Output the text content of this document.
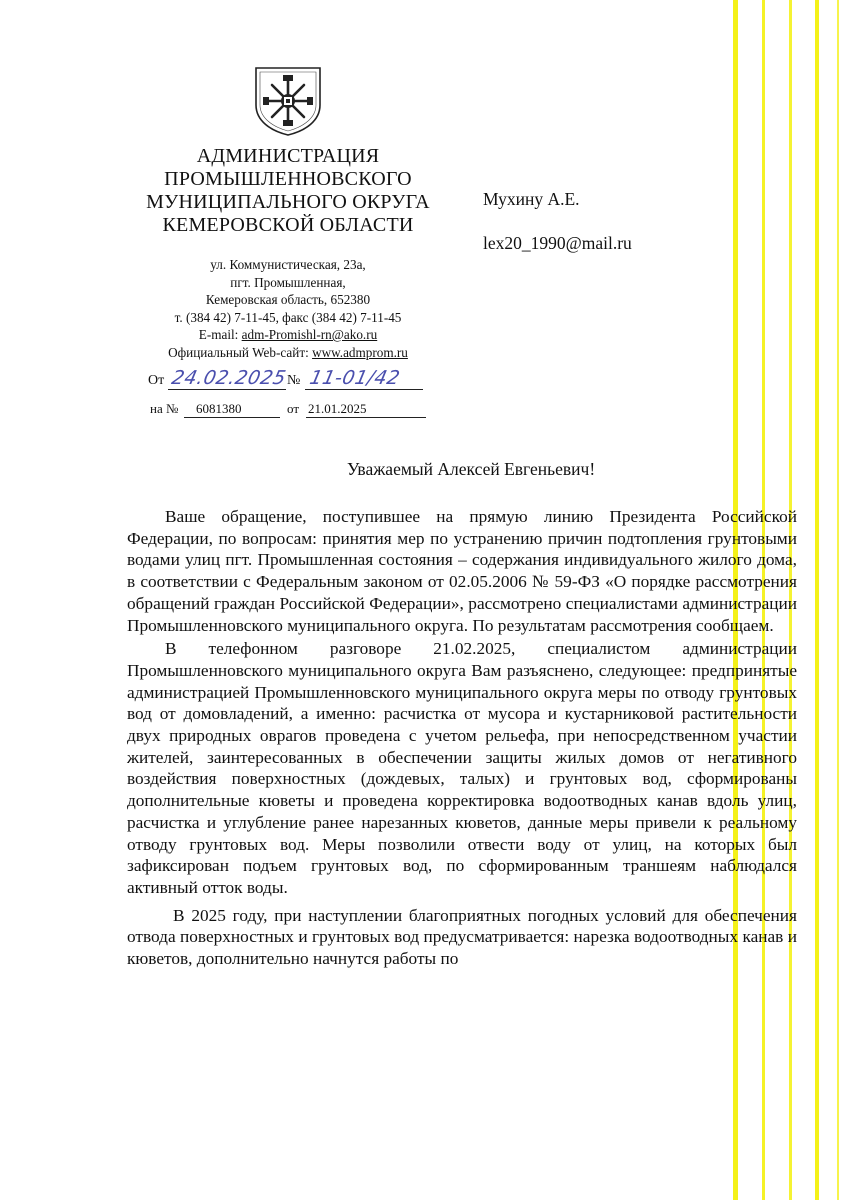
АДМИНИСТРАЦИЯ
ПРОМЫШЛЕННОВСКОГО
МУНИЦИПАЛЬНОГО ОКРУГА
КЕМЕРОВСКОЙ ОБЛАСТИ
ул. Коммунистическая, 23а,
пгт. Промышленная,
Кемеровская область, 652380
т. (384 42) 7-11-45, факс (384 42) 7-11-45
E-mail: adm-Promishl-rn@ako.ru
Официальный Web-сайт: www.admprom.ru
От 24.02.2025
№ 11-01/42
на № 6081380	от 21.01.2025
Мухину А.Е.
lex20_1990@mail.ru
Уважаемый Алексей Евгеньевич!

Ваше обращение, поступившее на прямую линию Президента Российской Федерации, по вопросам: принятия мер по устранению причин подтопления грунтовыми водами улиц пгт. Промышленная состояния – содержания индивидуального жилого дома, в соответствии с Федеральным законом от 02.05.2006 № 59-ФЗ «О порядке рассмотрения обращений граждан Российской Федерации», рассмотрено специалистами администрации Промышленновского муниципального округа. По результатам рассмотрения сообщаем.

В телефонном разговоре 21.02.2025, специалистом администрации Промышленновского муниципального округа Вам разъяснено, следующее: предпринятые администрацией Промышленновского муниципального округа меры по отводу грунтовых вод от домовладений, а именно: расчистка от мусора и кустарниковой растительности двух природных оврагов проведена с учетом рельефа, при непосредственном участии жителей, заинтересованных в обеспечении защиты жилых домов от негативного воздействия поверхностных (дождевых, талых) и грунтовых вод, сформированы дополнительные кюветы и проведена корректировка водоотводных канав вдоль улиц, расчистка и углубление ранее нарезанных кюветов, данные меры привели к реальному отводу грунтовых вод. Меры позволили отвести воду от улиц, на которых был зафиксирован подъем грунтовых вод, по сформированным траншеям наблюдался активный отток воды.

В 2025 году, при наступлении благоприятных погодных условий для обеспечения отвода поверхностных и грунтовых вод предусматривается: нарезка водоотводных канав и кюветов, дополнительно начнутся работы по
